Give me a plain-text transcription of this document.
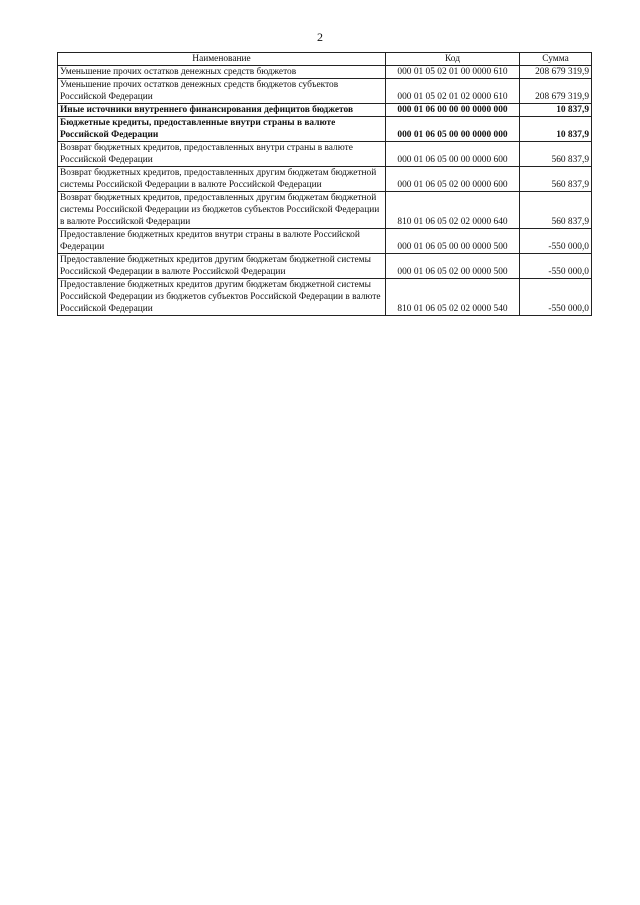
2
Наименование	Код	Сумма
Уменьшение прочих остатков денежных средств бюджетов	000 01 05 02 01 00 0000 610	208 679 319,9
Уменьшение прочих остатков денежных средств бюджетов субъектов Российской Федерации	000 01 05 02 01 02 0000 610	208 679 319,9
Иные источники внутреннего финансирования дефицитов бюджетов	000 01 06 00 00 00 0000 000	10 837,9
Бюджетные кредиты, предоставленные внутри страны в валюте Российской Федерации	000 01 06 05 00 00 0000 000	10 837,9
Возврат бюджетных кредитов, предоставленных внутри страны в валюте Российской Федерации	000 01 06 05 00 00 0000 600	560 837,9
Возврат бюджетных кредитов, предоставленных другим бюджетам бюджетной системы Российской Федерации в валюте Российской Федерации	000 01 06 05 02 00 0000 600	560 837,9
Возврат бюджетных кредитов, предоставленных другим бюджетам бюджетной системы Российской Федерации из бюджетов субъектов Российской Федерации в валюте Российской Федерации	810 01 06 05 02 02 0000 640	560 837,9
Предоставление бюджетных кредитов внутри страны в валюте Российской Федерации	000 01 06 05 00 00 0000 500	-550 000,0
Предоставление бюджетных кредитов другим бюджетам бюджетной системы Российской Федерации в валюте Российской Федерации	000 01 06 05 02 00 0000 500	-550 000,0
Предоставление бюджетных кредитов другим бюджетам бюджетной системы Российской Федерации из бюджетов субъектов Российской Федерации в валюте Российской Федерации	810 01 06 05 02 02 0000 540	-550 000,0
